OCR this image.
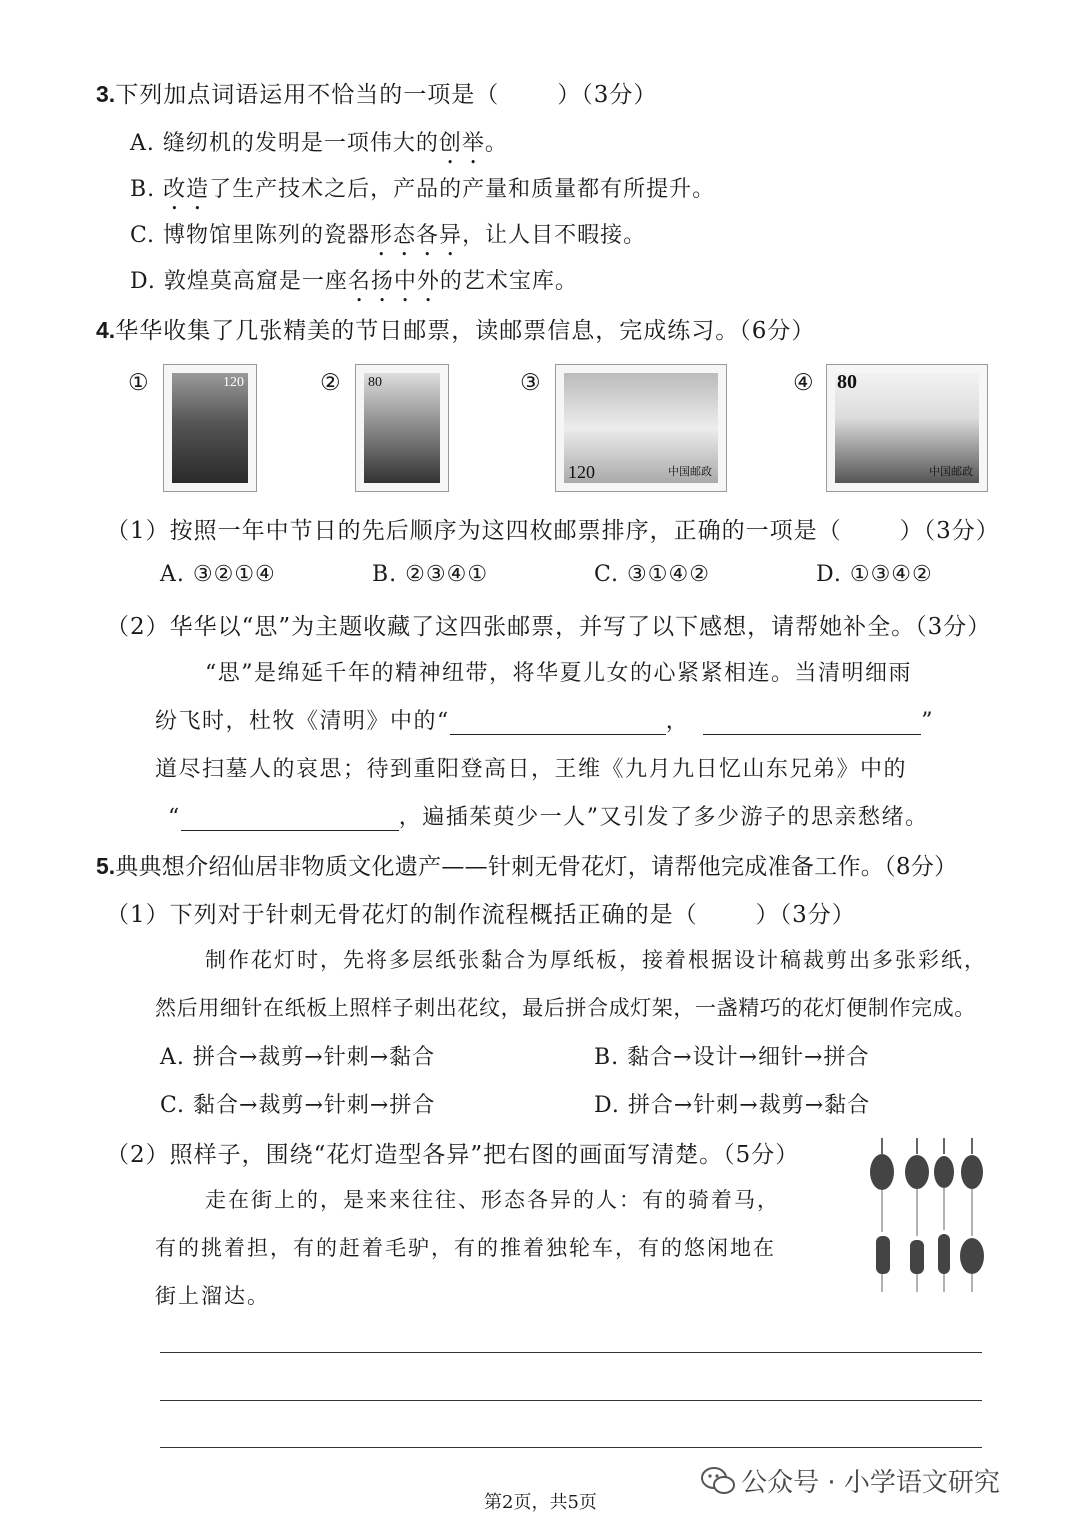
3.下列加点词语运用不恰当的一项是（	）（3分）
A. 缝纫机的发明是一项伟大的创举。
B. 改造了生产技术之后，产品的产量和质量都有所提升。
C. 博物馆里陈列的瓷器形态各异，让人目不暇接。
D. 敦煌莫高窟是一座名扬中外的艺术宝库。
4.华华收集了几张精美的节日邮票，读邮票信息，完成练习。（6分）
①	120	② 80	③
120	中国邮政
④ 80
中国邮政
（1）按照一年中节日的先后顺序为这四枚邮票排序，正确的一项是（	）（3分）
A. ③②①④	B. ②③④①	C. ③①④②	D. ①③④②
（2）华华以“思”为主题收藏了这四张邮票，并写了以下感想，请帮她补全。（3分）
“思”是绵延千年的精神纽带，将华夏儿女的心紧紧相连。当清明细雨
纷飞时，杜牧《清明》中的“	，	”
道尽扫墓人的哀思；待到重阳登高日，王维《九月九日忆山东兄弟》中的
“	，遍插茱萸少一人”又引发了多少游子的思亲愁绪。
5.典典想介绍仙居非物质文化遗产——针刺无骨花灯，请帮他完成准备工作。（8分）
（1）下列对于针刺无骨花灯的制作流程概括正确的是（	）（3分）
制作花灯时，先将多层纸张黏合为厚纸板，接着根据设计稿裁剪出多张彩纸，
然后用细针在纸板上照样子刺出花纹，最后拼合成灯架，一盏精巧的花灯便制作完成。
A. 拼合→裁剪→针刺→黏合	B. 黏合→设计→细针→拼合
C. 黏合→裁剪→针刺→拼合	D. 拼合→针刺→裁剪→黏合
（2）照样子，围绕“花灯造型各异”把右图的画面写清楚。（5分）
走在街上的，是来来往往、形态各异的人：有的骑着马，
有的挑着担，有的赶着毛驴，有的推着独轮车，有的悠闲地在
街上溜达。
第2页，共5页
公众号 · 小学语文研究
